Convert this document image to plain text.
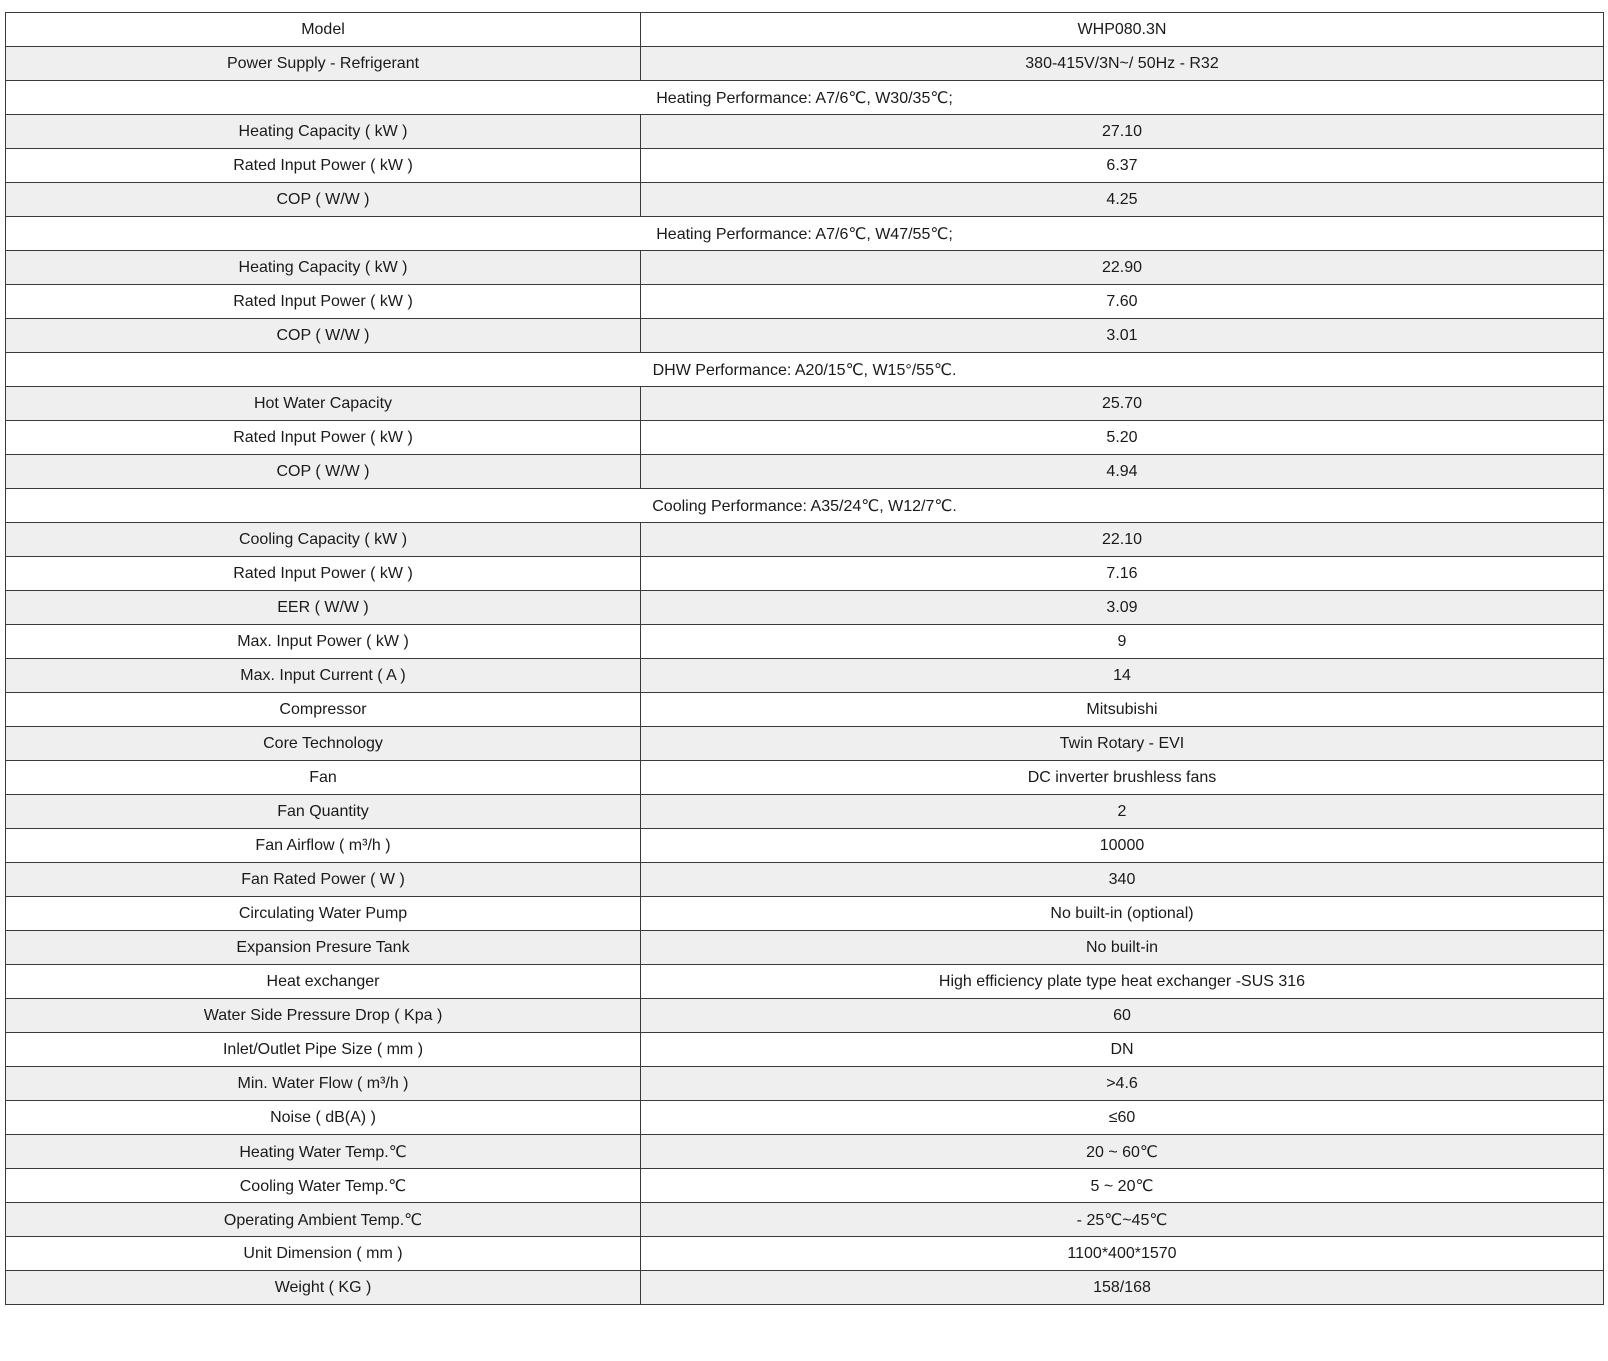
Model	WHP080.3N
Power Supply - Refrigerant	380-415V/3N~/ 50Hz - R32
Heating Performance: A7/6℃, W30/35℃;	
Heating Capacity ( kW )	27.10
Rated Input Power ( kW )	6.37
COP ( W/W )	4.25
Heating Performance: A7/6℃, W47/55℃;	
Heating Capacity ( kW )	22.90
Rated Input Power ( kW )	7.60
COP ( W/W )	3.01
DHW Performance: A20/15℃, W15°/55℃.	
Hot Water Capacity	25.70
Rated Input Power ( kW )	5.20
COP ( W/W )	4.94
Cooling Performance: A35/24℃, W12/7℃.	
Cooling Capacity ( kW )	22.10
Rated Input Power ( kW )	7.16
EER ( W/W )	3.09
Max. Input Power ( kW )	9
Max. Input Current ( A )	14
Compressor	Mitsubishi
Core Technology	Twin Rotary - EVI
Fan	DC inverter brushless fans
Fan Quantity	2
Fan Airflow ( m³/h )	10000
Fan Rated Power ( W )	340
Circulating Water Pump	No built-in (optional)
Expansion Presure Tank	No built-in
Heat exchanger	High efficiency plate type heat exchanger -SUS 316
Water Side Pressure Drop ( Kpa )	60
Inlet/Outlet Pipe Size ( mm )	DN
Min. Water Flow ( m³/h )	>4.6
Noise ( dB(A) )	≤60
Heating Water Temp.℃	20 ~ 60℃
Cooling Water Temp.℃	5 ~ 20℃
Operating Ambient Temp.℃	- 25℃~45℃
Unit Dimension ( mm )	1100*400*1570
Weight ( KG )	158/168
